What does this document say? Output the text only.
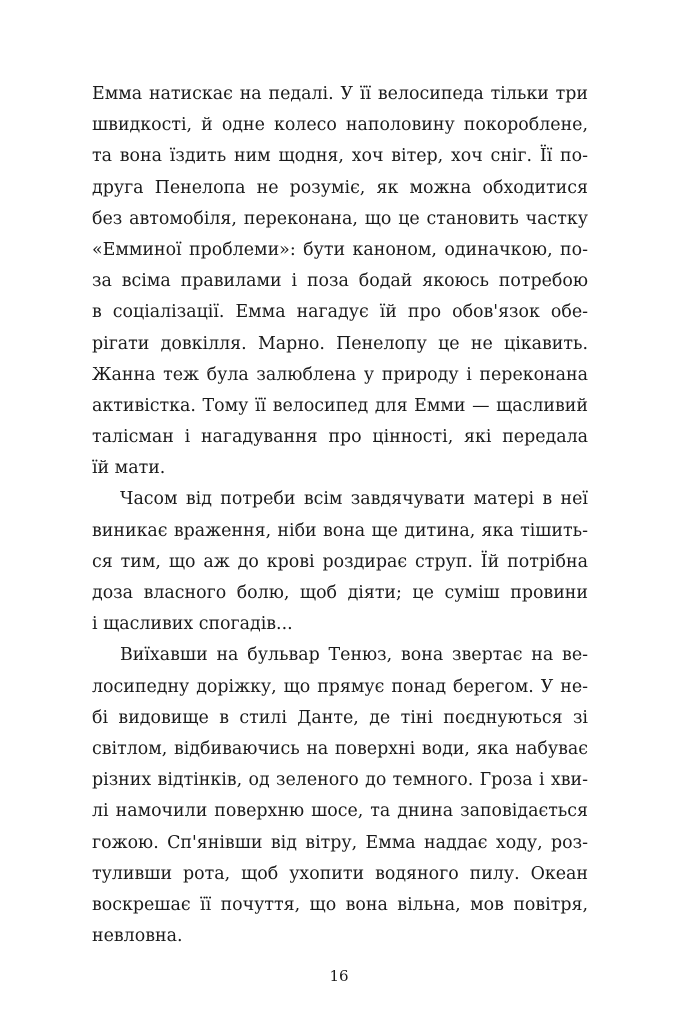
Емма натискає на педалі. У її велосипеда тільки три
швидкості, й одне колесо наполовину покороблене,
та вона їздить ним щодня, хоч вітер, хоч сніг. Її по-
друга Пенелопа не розуміє, як можна обходитися
без автомобіля, переконана, що це становить частку
«Емминої проблеми»: бути каноном, одиначкою, по-
за всіма правилами і поза бодай якоюсь потребою
в соціалізації. Емма нагадує їй про обов'язок обе-
рігати довкілля. Марно. Пенелопу це не цікавить.
Жанна теж була залюблена у природу і переконана
активістка. Тому її велосипед для Емми — щасливий
талісман і нагадування про цінності, які передала
їй мати.
Часом від потреби всім завдячувати матері в неї
виникає враження, ніби вона ще дитина, яка тішить-
ся тим, що аж до крові роздирає струп. Їй потрібна
доза власного болю, щоб діяти; це суміш провини
і щасливих спогадів...
Виїхавши на бульвар Тенюз, вона звертає на ве-
лосипедну доріжку, що прямує понад берегом. У не-
бі видовище в стилі Данте, де тіні поєднуються зі
світлом, відбиваючись на поверхні води, яка набуває
різних відтінків, од зеленого до темного. Гроза і хви-
лі намочили поверхню шосе, та днина заповідається
гожою. Сп'янівши від вітру, Емма наддає ходу, роз-
туливши рота, щоб ухопити водяного пилу. Океан
воскрешає її почуття, що вона вільна, мов повітря,
невловна.
16
